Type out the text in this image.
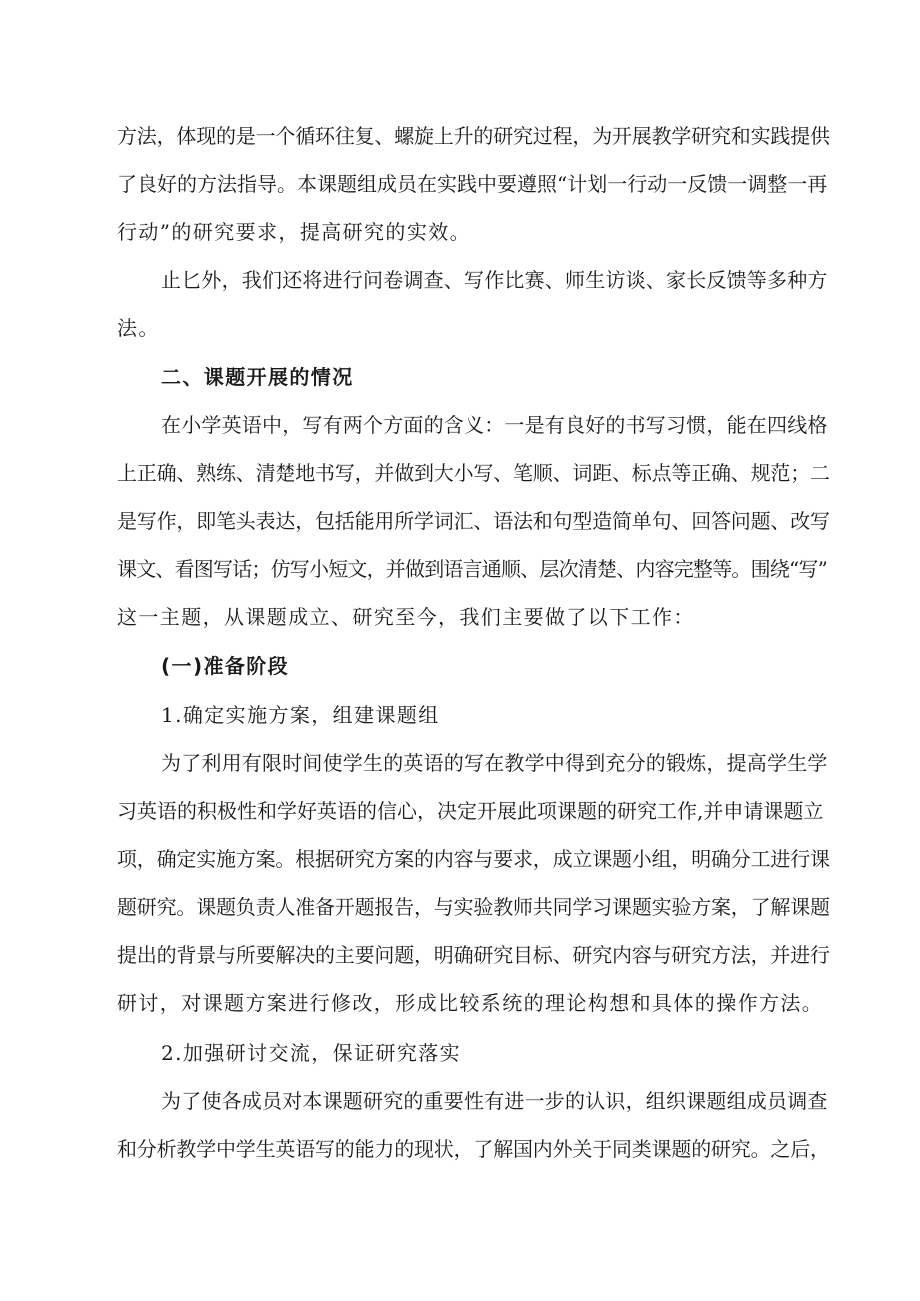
方法，体现的是一个循环往复、螺旋上升的研究过程，为开展教学研究和实践提供
了良好的方法指导。本课题组成员在实践中要遵照“计划一行动一反馈一调整一再
行动”的研究要求，提高研究的实效。
止匕外，我们还将进行问卷调查、写作比赛、师生访谈、家长反馈等多种方
法。
二、课题开展的情况
在小学英语中，写有两个方面的含义：一是有良好的书写习惯，能在四线格
上正确、熟练、清楚地书写，并做到大小写、笔顺、词距、标点等正确、规范；二
是写作，即笔头表达，包括能用所学词汇、语法和句型造简单句、回答问题、改写
课文、看图写话；仿写小短文，并做到语言通顺、层次清楚、内容完整等。围绕“写”
这一主题，从课题成立、研究至今，我们主要做了以下工作：
(一)准备阶段
1.确定实施方案，组建课题组
为了利用有限时间使学生的英语的写在教学中得到充分的锻炼，提高学生学
习英语的积极性和学好英语的信心，决定开展此项课题的研究工作,并申请课题立
项，确定实施方案。根据研究方案的内容与要求，成立课题小组，明确分工进行课
题研究。课题负责人准备开题报告，与实验教师共同学习课题实验方案，了解课题
提出的背景与所要解决的主要问题，明确研究目标、研究内容与研究方法，并进行
研讨，对课题方案进行修改，形成比较系统的理论构想和具体的操作方法。
2.加强研讨交流，保证研究落实
为了使各成员对本课题研究的重要性有进一步的认识，组织课题组成员调查
和分析教学中学生英语写的能力的现状，了解国内外关于同类课题的研究。之后，
